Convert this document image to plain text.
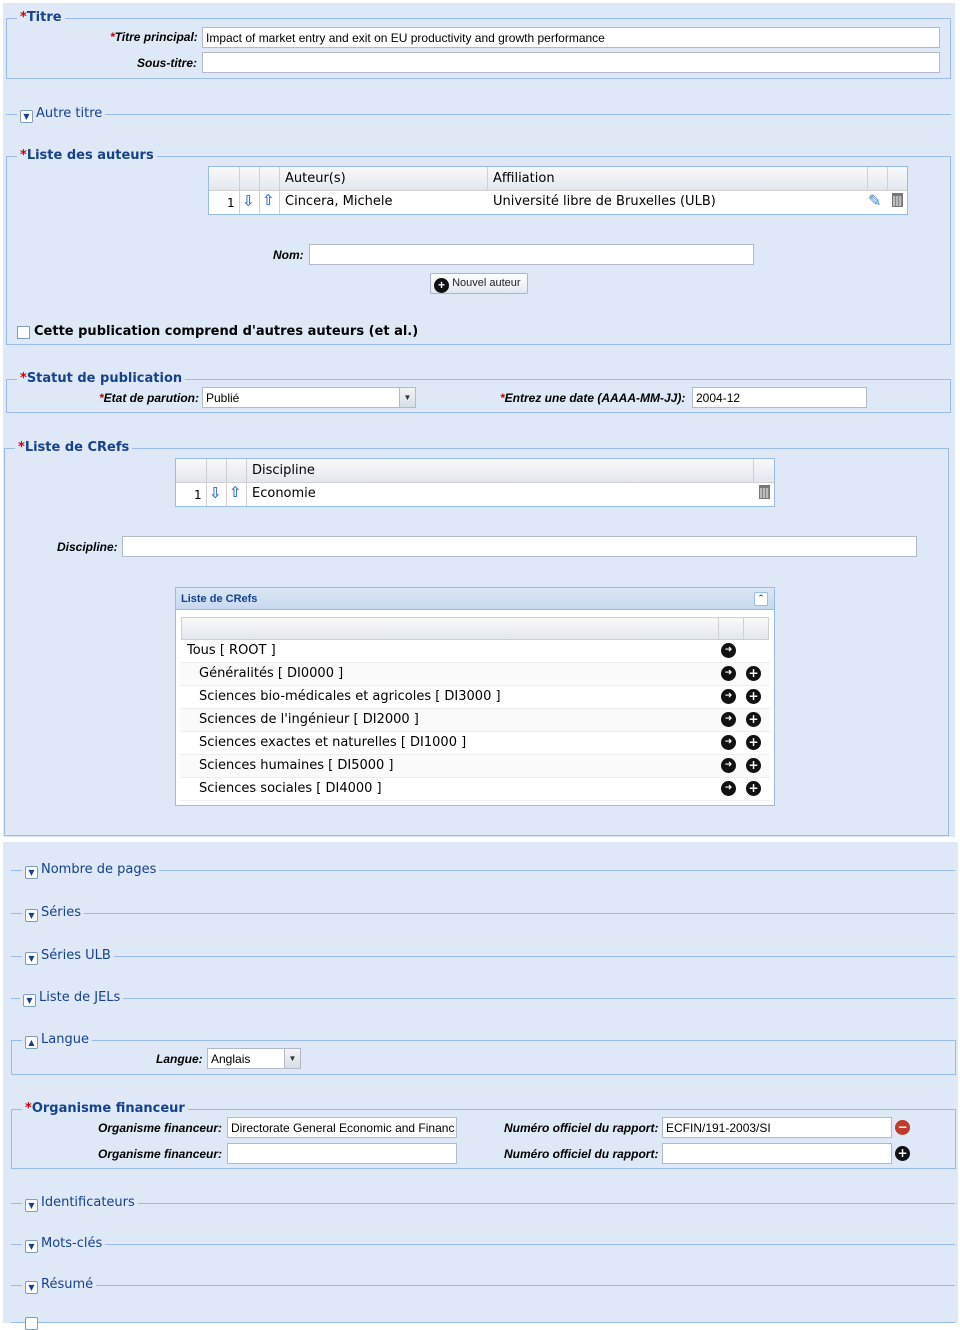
*Titre
*Titre principal: Impact of market entry and exit on EU productivity and growth performance
Sous-titre:
▼ Autre titre
*Liste des auteurs
Auteur(s)	Affiliation
1 ⇩ ⇧ Cincera, Michele	Université libre de Bruxelles (ULB)	✎
Nom:
+ Nouvel auteur
Cette publication comprend d'autres auteurs (et al.)
*Statut de publication
*Etat de parution: Publié	▼	*Entrez une date (AAAA-MM-JJ): 2004-12
*Liste de CRefs
Discipline
1 ⇩ ⇧ Economie
Discipline:
Liste de CRefs	⌃
Tous [ ROOT ]	➜
Généralités [ DI0000 ]	➜	+
Sciences bio-médicales et agricoles [ DI3000 ]	➜	+
Sciences de l'ingénieur [ DI2000 ]	➜	+
Sciences exactes et naturelles [ DI1000 ]	➜	+
Sciences humaines [ DI5000 ]	➜	+
Sciences sociales [ DI4000 ]	➜	+
▼ Nombre de pages
▼ Séries
▼ Séries ULB
▼ Liste de JELs
▲ Langue
Langue: Anglais	▼
*Organisme financeur
Organisme financeur: Directorate General Economic and Financ	Numéro officiel du rapport: ECFIN/191-2003/SI	−
Organisme financeur:	Numéro officiel du rapport:	+
▼ Identificateurs
▼ Mots-clés
▼ Résumé
